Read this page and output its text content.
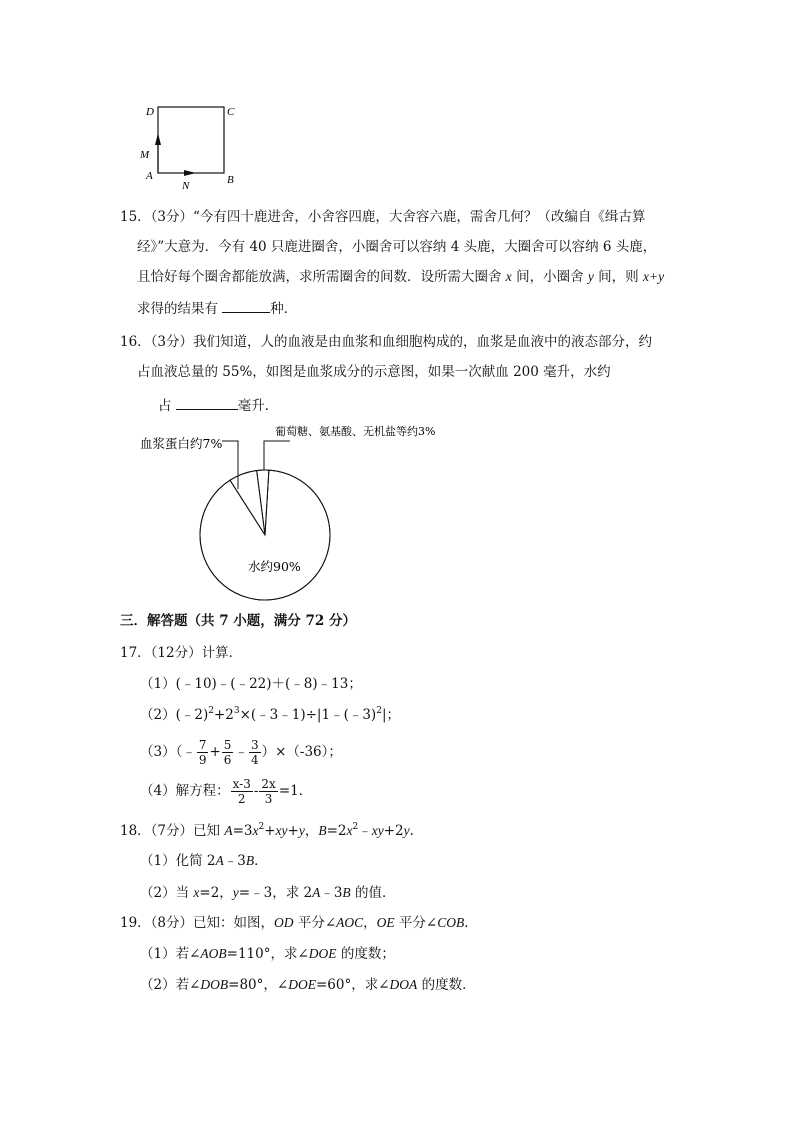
D	C
M
A	B
N
15．（3分）“今有四十鹿进舍，小舍容四鹿，大舍容六鹿，需舍几何？（改编自《缉古算
经》”大意为．今有 40 只鹿进圈舍，小圈舍可以容纳 4 头鹿，大圈舍可以容纳 6 头鹿，
且恰好每个圈舍都能放满，求所需圈舍的间数．设所需大圈舍 x 间，小圈舍 y 间，则 x+y
求得的结果有	种．
16．（3分）我们知道，人的血液是由血浆和血细胞构成的，血浆是血液中的液态部分，约
占血液总量的 55%，如图是血浆成分的示意图，如果一次献血 200 毫升，水约
占	毫升．
血浆蛋白约7%
葡萄糖、氨基酸、无机盐等约3%
水约90%
三．解答题（共 7 小题，满分 72 分）
17．（12分）计算．
（1）(﹣10)﹣(﹣22)＋(﹣8)﹣13；
$(2)(﹣2)^2+2^3\times(﹣3﹣1)\div|1﹣(﹣3)^2|$；
（3）（﹣ $\frac{7}{9} + \frac{5}{6}$ ﹣ $\frac{3}{4} )\times(-36)$；
（4）解方程： $\frac{x-3}{2} - \frac{2x}{3} =1$．
18．（7分）已知 $A=3x^2+xy+y$，$B=2x^2﹣xy+2y$．
（1）化简 2A﹣3B．
（2）当 x=2，y=﹣3，求 2A﹣3B 的值．
19．（8分）已知：如图，OD 平分∠AOC，OE 平分∠COB．
（1）若∠AOB=110°，求∠DOE 的度数；
（2）若∠DOB=80°，∠DOE=60°，求∠DOA 的度数．
